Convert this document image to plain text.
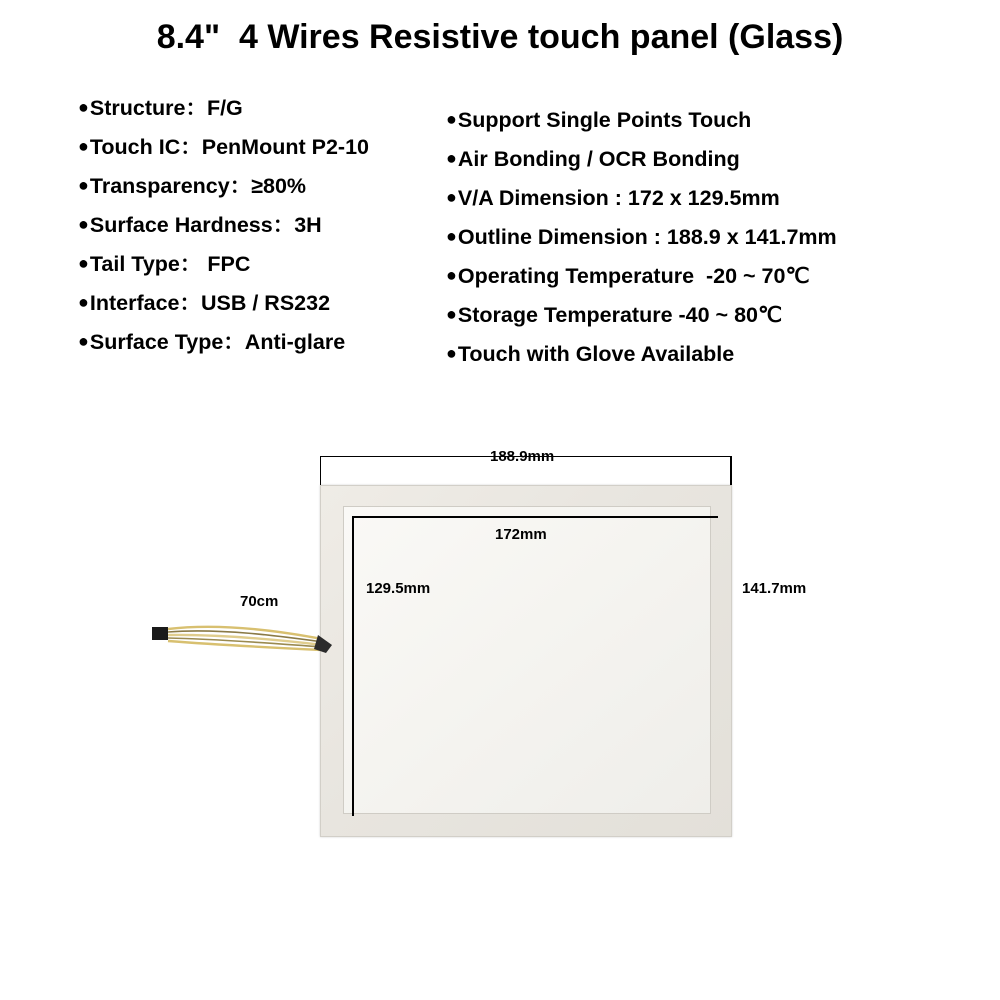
8.4"  4 Wires Resistive touch panel (Glass)
●Structure：F/G
●Touch IC：PenMount P2-10
●Transparency：≥80%
●Surface Hardness：3H
●Tail Type： FPC
●Interface：USB / RS232
●Surface Type：Anti-glare
●Support Single Points Touch
●Air Bonding / OCR Bonding
●V/A Dimension : 172 x 129.5mm
●Outline Dimension : 188.9 x 141.7mm
●Operating Temperature  -20 ~ 70℃
●Storage Temperature -40 ~ 80℃
●Touch with Glove Available
188.9mm
141.7mm
172mm
129.5mm
70cm
